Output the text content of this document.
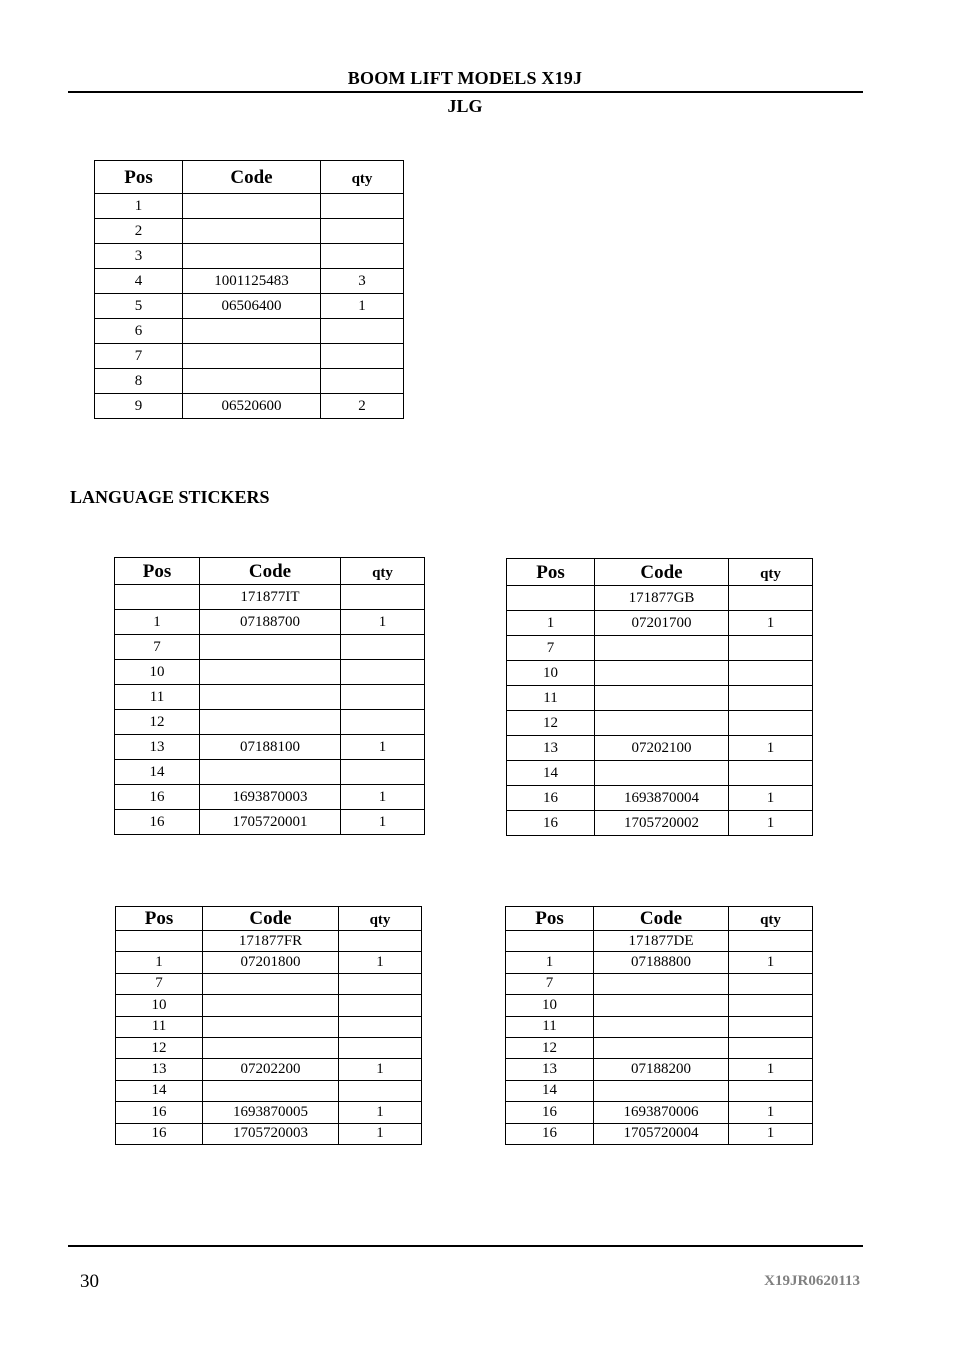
BOOM LIFT MODELS X19J
JLG
Pos	Code	qty
1		
2		
3		
4	1001125483	3
5	06506400	1
6		
7		
8		
9	06520600	2
LANGUAGE STICKERS
Pos	Code	qty
	171877IT	
1	07188700	1
7		
10		
11		
12		
13	07188100	1
14		
16	1693870003	1
16	1705720001	1
Pos	Code	qty
	171877GB	
1	07201700	1
7		
10		
11		
12		
13	07202100	1
14		
16	1693870004	1
16	1705720002	1
Pos	Code	qty
	171877FR	
1	07201800	1
7		
10		
11		
12		
13	07202200	1
14		
16	1693870005	1
16	1705720003	1
Pos	Code	qty
	171877DE	
1	07188800	1
7		
10		
11		
12		
13	07188200	1
14		
16	1693870006	1
16	1705720004	1
30	X19JR0620113
